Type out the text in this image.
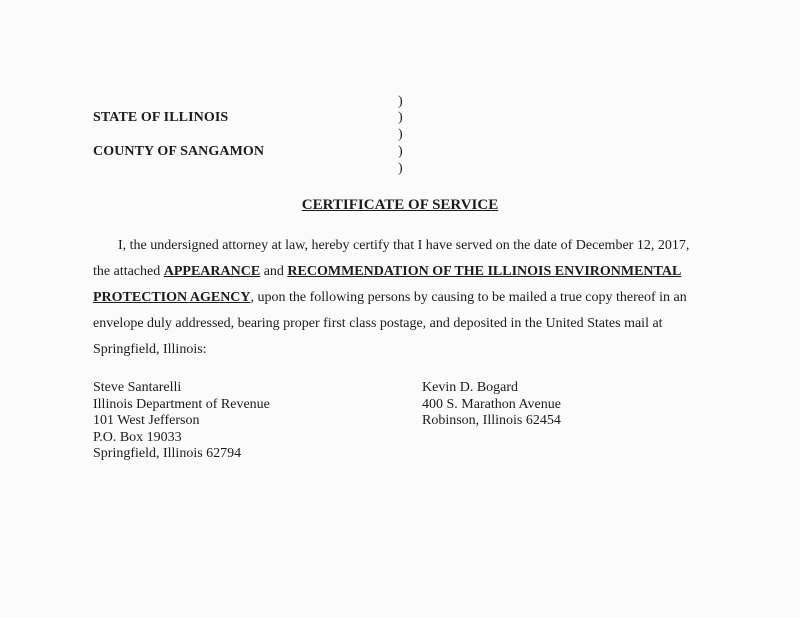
)
STATE OF ILLINOIS	)
)
COUNTY OF SANGAMON	)
)
CERTIFICATE OF SERVICE

I, the undersigned attorney at law, hereby certify that I have served on the date of December 12, 2017, the attached APPEARANCE and RECOMMENDATION OF THE ILLINOIS ENVIRONMENTAL PROTECTION AGENCY, upon the following persons by causing to be mailed a true copy thereof in an envelope duly addressed, bearing proper first class postage, and deposited in the United States mail at Springfield, Illinois:

Steve Santarelli
Illinois Department of Revenue
101 West Jefferson
P.O. Box 19033
Springfield, Illinois 62794
Kevin D. Bogard
400 S. Marathon Avenue
Robinson, Illinois 62454
